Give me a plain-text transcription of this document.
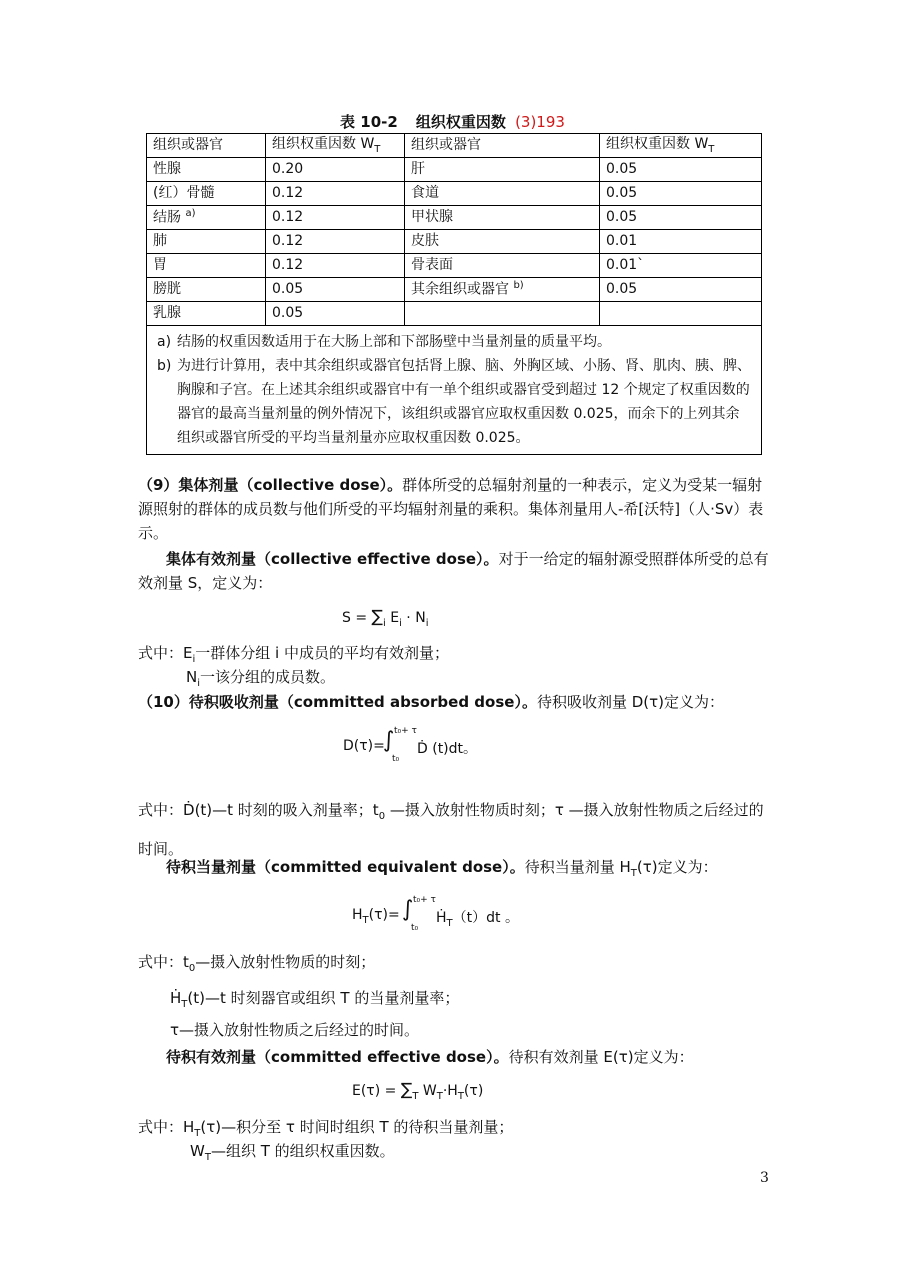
表 10-2 组织权重因数 (3)193
组织或器官	组织权重因数 $W_T$	组织或器官	组织权重因数 $W_T$
性腺	0.20	肝	0.05
(红）骨髓	0.12	食道	0.05
结肠 $^{a)}$	0.12	甲状腺	0.05
肺	0.12	皮肤	0.01
胃	0.12	骨表面	0.01`
膀胱	0.05	其余组织或器官 $^{b)}$	0.05
乳腺	0.05		

a) 结肠的权重因数适用于在大肠上部和下部肠壁中当量剂量的质量平均。
b) 为进行计算用，表中其余组织或器官包括肾上腺、脑、外胸区域、小肠、肾、肌肉、胰、脾、胸腺和子宫。在上述其余组织或器官中有一单个组织或器官受到超过 12 个规定了权重因数的器官的最高当量剂量的例外情况下，该组织或器官应取权重因数 0.025，而余下的上列其余组织或器官所受的平均当量剂量亦应取权重因数 0.025。			
（9）集体剂量（collective dose）。群体所受的总辐射剂量的一种表示，定义为受某一辐射源照射的群体的成员数与他们所受的平均辐射剂量的乘积。集体剂量用人-希[沃特]（人·Sv）表示。
集体有效剂量（collective effective dose）。对于一给定的辐射源受照群体所受的总有效剂量 S，定义为：
$S = \sum_i$ $E_i \cdot N_i$
式中：$E_i$一群体分组 i 中成员的平均有效剂量；
$N_i$一该分组的成员数。
（10）待积吸收剂量（committed absorbed dose）。待积吸收剂量 D(τ)定义为：
D(τ)=
∫ t₀+ τ
t₀
Ḋ (t)dt。
式中：Ḋ(t)—t 时刻的吸入剂量率；$t_0$ —摄入放射性物质时刻；τ —摄入放射性物质之后经过的时间。
待积当量剂量（committed equivalent dose）。待积当量剂量 $H_T(\tau)$定义为：
$H_T(\tau)=$ ∫ t₀+ τ
t₀
Ḣ$_T$（t）dt 。
式中：$t_0—$摄入放射性物质的时刻；
Ḣ$_T$(t)—t 时刻器官或组织 T 的当量剂量率；
τ—摄入放射性物质之后经过的时间。
待积有效剂量（committed effective dose）。待积有效剂量 E(τ)定义为：
$E(\tau) = \sum_T$ $W_T\cdot H_T(\tau)$
式中：$H_T(\tau)—$积分至 τ 时间时组织 T 的待积当量剂量；
$W_T—$组织 T 的组织权重因数。
3
